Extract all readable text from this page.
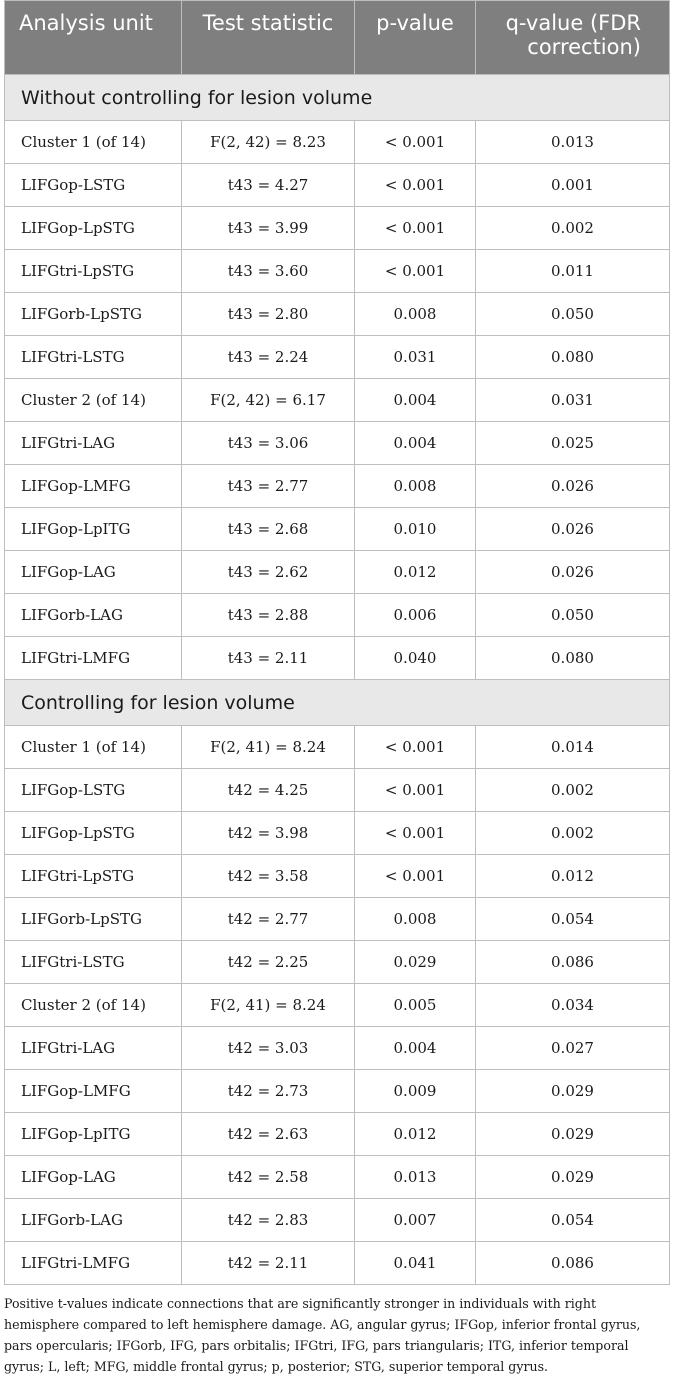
Analysis unit	Test statistic	p-value	q-value (FDR correction)

Without controlling for lesion volume			
Cluster 1 (of 14)	F(2, 42) = 8.23	< 0.001	0.013
LIFGop-LSTG	t43 = 4.27	< 0.001	0.001
LIFGop-LpSTG	t43 = 3.99	< 0.001	0.002
LIFGtri-LpSTG	t43 = 3.60	< 0.001	0.011
LIFGorb-LpSTG	t43 = 2.80	0.008	0.050
LIFGtri-LSTG	t43 = 2.24	0.031	0.080
Cluster 2 (of 14)	F(2, 42) = 6.17	0.004	0.031
LIFGtri-LAG	t43 = 3.06	0.004	0.025
LIFGop-LMFG	t43 = 2.77	0.008	0.026
LIFGop-LpITG	t43 = 2.68	0.010	0.026
LIFGop-LAG	t43 = 2.62	0.012	0.026
LIFGorb-LAG	t43 = 2.88	0.006	0.050
LIFGtri-LMFG	t43 = 2.11	0.040	0.080
Controlling for lesion volume			
Cluster 1 (of 14)	F(2, 41) = 8.24	< 0.001	0.014
LIFGop-LSTG	t42 = 4.25	< 0.001	0.002
LIFGop-LpSTG	t42 = 3.98	< 0.001	0.002
LIFGtri-LpSTG	t42 = 3.58	< 0.001	0.012
LIFGorb-LpSTG	t42 = 2.77	0.008	0.054
LIFGtri-LSTG	t42 = 2.25	0.029	0.086
Cluster 2 (of 14)	F(2, 41) = 8.24	0.005	0.034
LIFGtri-LAG	t42 = 3.03	0.004	0.027
LIFGop-LMFG	t42 = 2.73	0.009	0.029
LIFGop-LpITG	t42 = 2.63	0.012	0.029
LIFGop-LAG	t42 = 2.58	0.013	0.029
LIFGorb-LAG	t42 = 2.83	0.007	0.054
LIFGtri-LMFG	t42 = 2.11	0.041	0.086

Positive t-values indicate connections that are significantly stronger in individuals with right hemisphere compared to left hemisphere damage. AG, angular gyrus; IFGop, inferior frontal gyrus, pars opercularis; IFGorb, IFG, pars orbitalis; IFGtri, IFG, pars triangularis; ITG, inferior temporal gyrus; L, left; MFG, middle frontal gyrus; p, posterior; STG, superior temporal gyrus.
